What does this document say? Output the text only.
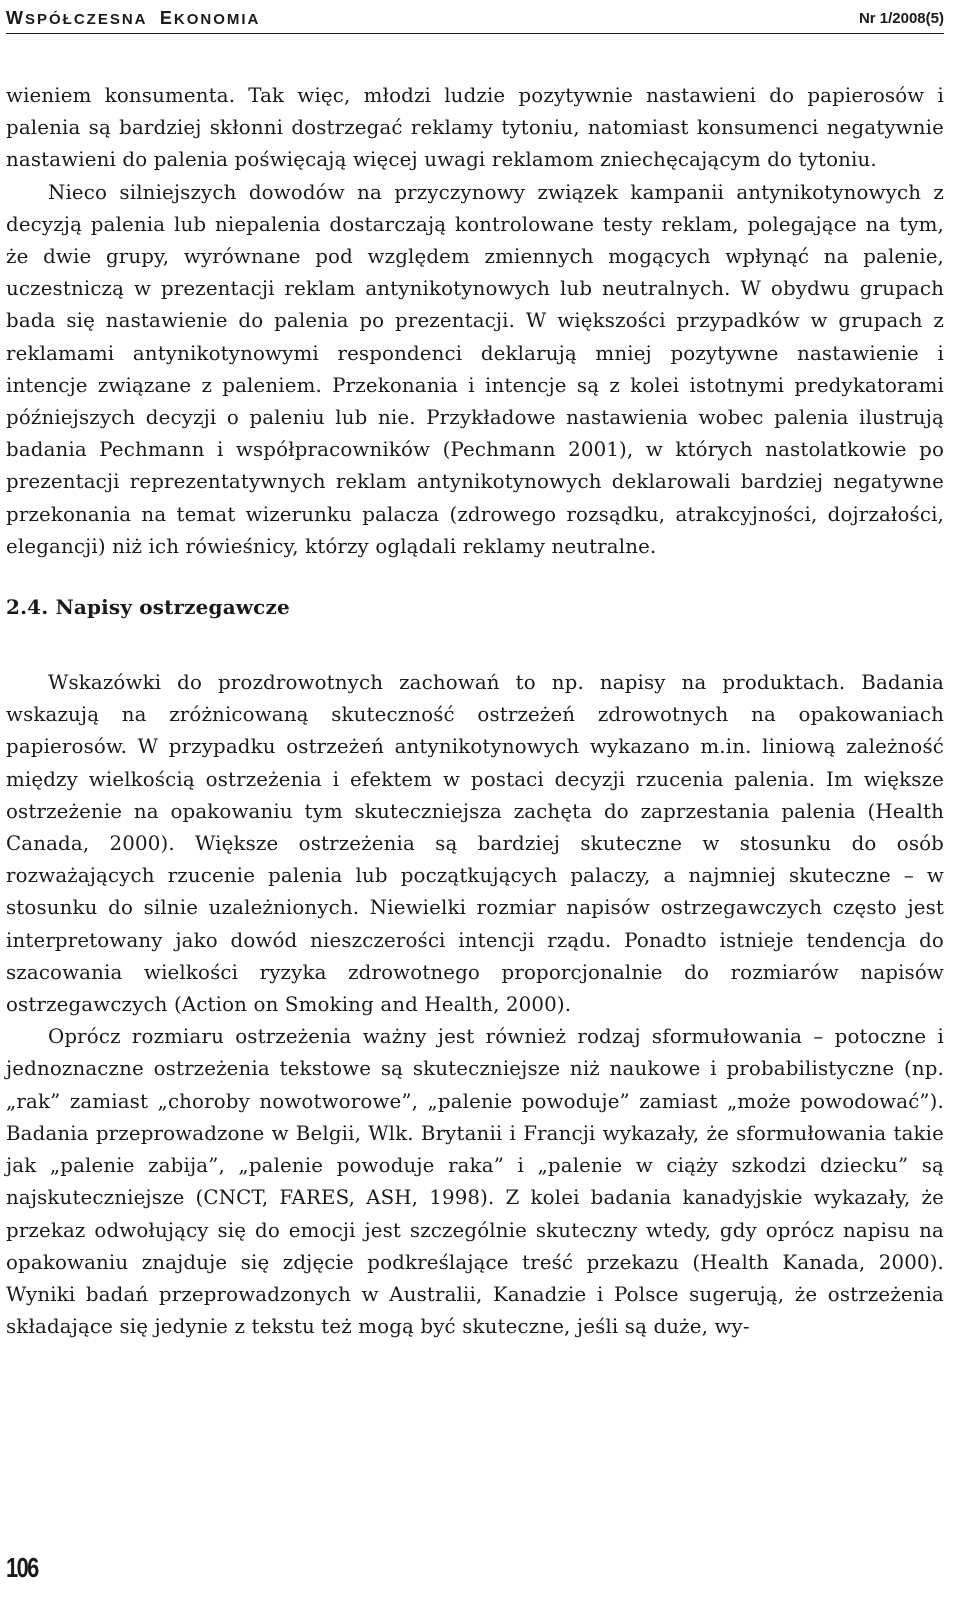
WSPÓŁCZESNA EKONOMIA	Nr 1/2008(5)

wieniem konsumenta. Tak więc, młodzi ludzie pozytywnie nastawieni do papierosów i palenia są bardziej skłonni dostrzegać reklamy tytoniu, natomiast konsumenci negatywnie nastawieni do palenia poświęcają więcej uwagi reklamom zniechęcającym do tytoniu.

Nieco silniejszych dowodów na przyczynowy związek kampanii antynikotynowych z decyzją palenia lub niepalenia dostarczają kontrolowane testy reklam, polegające na tym, że dwie grupy, wyrównane pod względem zmiennych mogących wpłynąć na palenie, uczestniczą w prezentacji reklam antynikotynowych lub neutralnych. W obydwu grupach bada się nastawienie do palenia po prezentacji. W większości przypadków w grupach z reklamami antynikotynowymi respondenci deklarują mniej pozytywne nastawienie i intencje związane z paleniem. Przekonania i intencje są z kolei istotnymi predykatorami późniejszych decyzji o paleniu lub nie. Przykładowe nastawienia wobec palenia ilustrują badania Pechmann i współpracowników (Pechmann 2001), w których nastolatkowie po prezentacji reprezentatywnych reklam antynikotynowych deklarowali bardziej negatywne przekonania na temat wizerunku palacza (zdrowego rozsądku, atrakcyjności, dojrzałości, elegancji) niż ich rówieśnicy, którzy oglądali reklamy neutralne.

2.4. Napisy ostrzegawcze

Wskazówki do prozdrowotnych zachowań to np. napisy na produktach. Badania wskazują na zróżnicowaną skuteczność ostrzeżeń zdrowotnych na opakowaniach papierosów. W przypadku ostrzeżeń antynikotynowych wykazano m.in. liniową zależność między wielkością ostrzeżenia i efektem w postaci decyzji rzucenia palenia. Im większe ostrzeżenie na opakowaniu tym skuteczniejsza zachęta do zaprzestania palenia (Health Canada, 2000). Większe ostrzeżenia są bardziej skuteczne w stosunku do osób rozważających rzucenie palenia lub początkujących palaczy, a najmniej skuteczne – w stosunku do silnie uzależnionych. Niewielki rozmiar napisów ostrzegawczych często jest interpretowany jako dowód nieszczerości intencji rządu. Ponadto istnieje tendencja do szacowania wielkości ryzyka zdrowotnego proporcjonalnie do rozmiarów napisów ostrzegawczych (Action on Smoking and Health, 2000).

Oprócz rozmiaru ostrzeżenia ważny jest również rodzaj sformułowania – potoczne i jednoznaczne ostrzeżenia tekstowe są skuteczniejsze niż naukowe i probabilistyczne (np. „rak” zamiast „choroby nowotworowe”, „palenie powoduje” zamiast „może powodować”). Badania przeprowadzone w Belgii, Wlk. Brytanii i Francji wykazały, że sformułowania takie jak „palenie zabija”, „palenie powoduje raka” i „palenie w ciąży szkodzi dziecku” są najskuteczniejsze (CNCT, FARES, ASH, 1998). Z kolei badania kanadyjskie wykazały, że przekaz odwołujący się do emocji jest szczególnie skuteczny wtedy, gdy oprócz napisu na opakowaniu znajduje się zdjęcie podkreślające treść przekazu (Health Kanada, 2000). Wyniki badań przeprowadzonych w Australii, Kanadzie i Polsce sugerują, że ostrzeżenia składające się jedynie z tekstu też mogą być skuteczne, jeśli są duże, wy-

106
